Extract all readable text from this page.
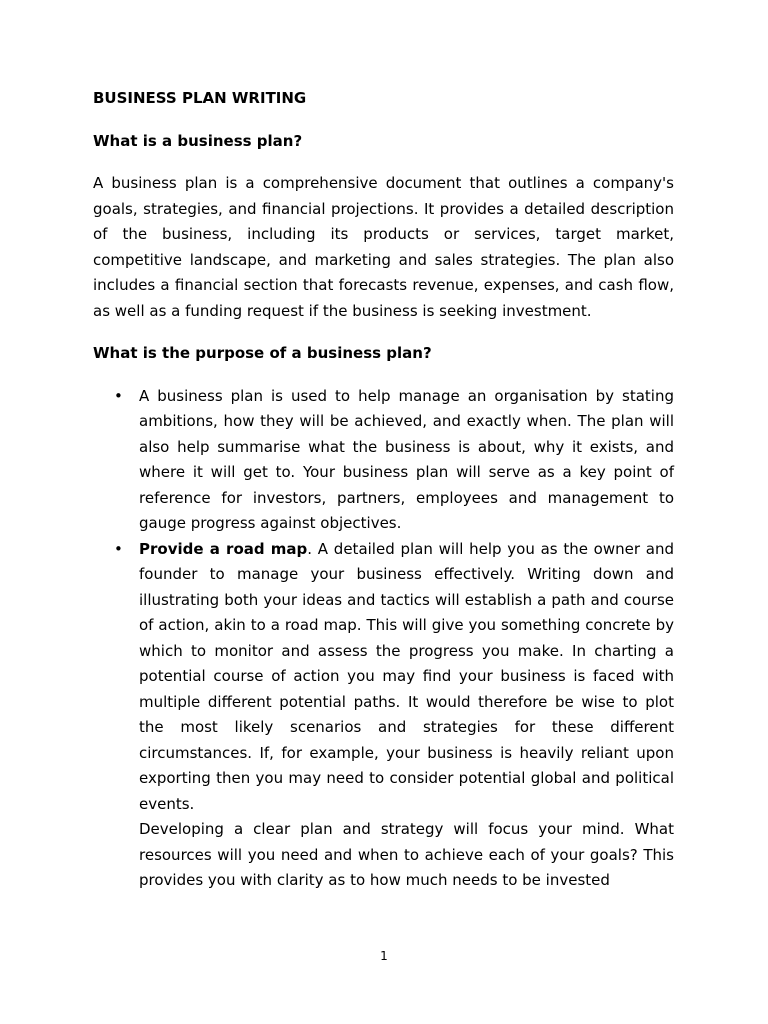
BUSINESS PLAN WRITING
What is a business plan?

A business plan is a comprehensive document that outlines a company's goals, strategies, and financial projections. It provides a detailed description of the business, including its products or services, target market, competitive landscape, and marketing and sales strategies. The plan also includes a financial section that forecasts revenue, expenses, and cash flow, as well as a funding request if the business is seeking investment.

What is the purpose of a business plan?
• A business plan is used to help manage an organisation by stating ambitions, how they will be achieved, and exactly when. The plan will also help summarise what the business is about, why it exists, and where it will get to. Your business plan will serve as a key point of reference for investors, partners, employees and management to gauge progress against objectives.
• Provide a road map. A detailed plan will help you as the owner and founder to manage your business effectively. Writing down and illustrating both your ideas and tactics will establish a path and course of action, akin to a road map. This will give you something concrete by which to monitor and assess the progress you make. In charting a potential course of action you may find your business is faced with multiple different potential paths. It would therefore be wise to plot the most likely scenarios and strategies for these different circumstances. If, for example, your business is heavily reliant upon exporting then you may need to consider potential global and political events.

Developing a clear plan and strategy will focus your mind. What resources will you need and when to achieve each of your goals? This provides you with clarity as to how much needs to be invested

1
